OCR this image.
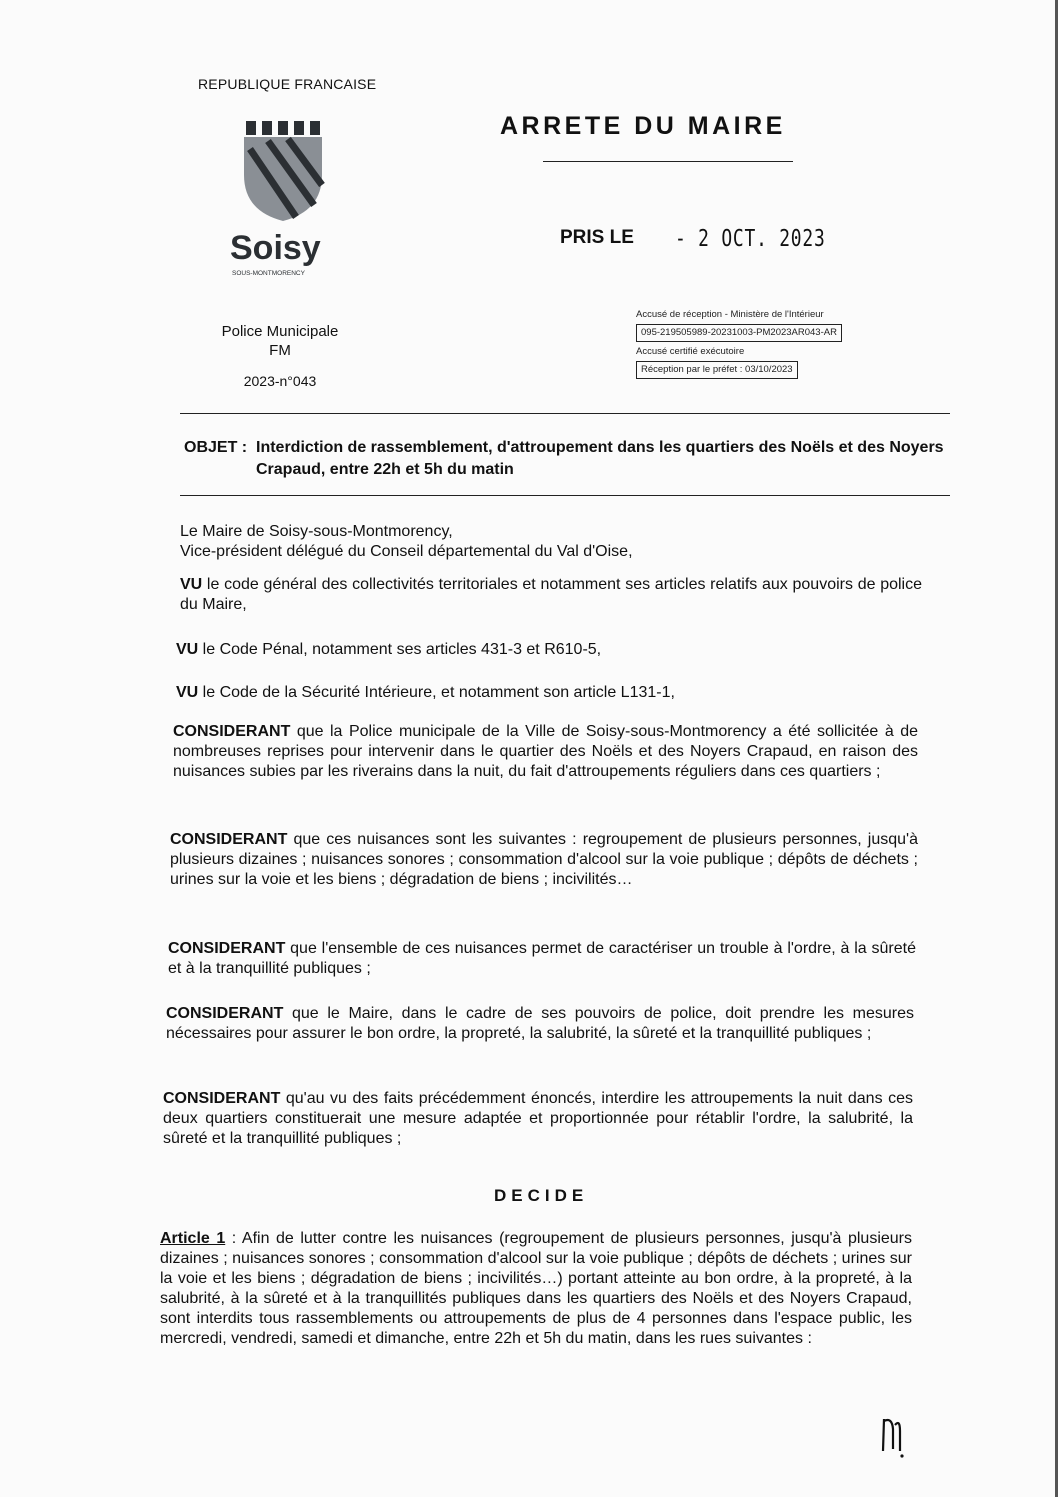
REPUBLIQUE FRANCAISE
Soisy
SOUS-MONTMORENCY
Police Municipale
FM
2023-n°043
ARRETE DU MAIRE
PRIS LE - 2 OCT. 2023
Accusé de réception - Ministère de l'Intérieur
095-219505989-20231003-PM2023AR043-AR
Accusé certifié exécutoire
Réception par le préfet : 03/10/2023
OBJET : Interdiction de rassemblement, d'attroupement dans les quartiers des Noëls et des Noyers Crapaud, entre 22h et 5h du matin
Le Maire de Soisy-sous-Montmorency,
Vice-président délégué du Conseil départemental du Val d'Oise,
VU le code général des collectivités territoriales et notamment ses articles relatifs aux pouvoirs de police du Maire,
VU le Code Pénal, notamment ses articles 431-3 et R610-5,
VU le Code de la Sécurité Intérieure, et notamment son article L131-1,
CONSIDERANT que la Police municipale de la Ville de Soisy-sous-Montmorency a été sollicitée à de nombreuses reprises pour intervenir dans le quartier des Noëls et des Noyers Crapaud, en raison des nuisances subies par les riverains dans la nuit, du fait d'attroupements réguliers dans ces quartiers ;
CONSIDERANT que ces nuisances sont les suivantes : regroupement de plusieurs personnes, jusqu'à plusieurs dizaines ; nuisances sonores ; consommation d'alcool sur la voie publique ; dépôts de déchets ; urines sur la voie et les biens ; dégradation de biens ; incivilités…
CONSIDERANT que l'ensemble de ces nuisances permet de caractériser un trouble à l'ordre, à la sûreté et à la tranquillité publiques ;
CONSIDERANT que le Maire, dans le cadre de ses pouvoirs de police, doit prendre les mesures nécessaires pour assurer le bon ordre, la propreté, la salubrité, la sûreté et la tranquillité publiques ;
CONSIDERANT qu'au vu des faits précédemment énoncés, interdire les attroupements la nuit dans ces deux quartiers constituerait une mesure adaptée et proportionnée pour rétablir l'ordre, la salubrité, la sûreté et la tranquillité publiques ;
DECIDE
Article 1 : Afin de lutter contre les nuisances (regroupement de plusieurs personnes, jusqu'à plusieurs dizaines ; nuisances sonores ; consommation d'alcool sur la voie publique ; dépôts de déchets ; urines sur la voie et les biens ; dégradation de biens ; incivilités…) portant atteinte au bon ordre, à la propreté, à la salubrité, à la sûreté et à la tranquillités publiques dans les quartiers des Noëls et des Noyers Crapaud, sont interdits tous rassemblements ou attroupements de plus de 4 personnes dans l'espace public, les mercredi, vendredi, samedi et dimanche, entre 22h et 5h du matin, dans les rues suivantes :
